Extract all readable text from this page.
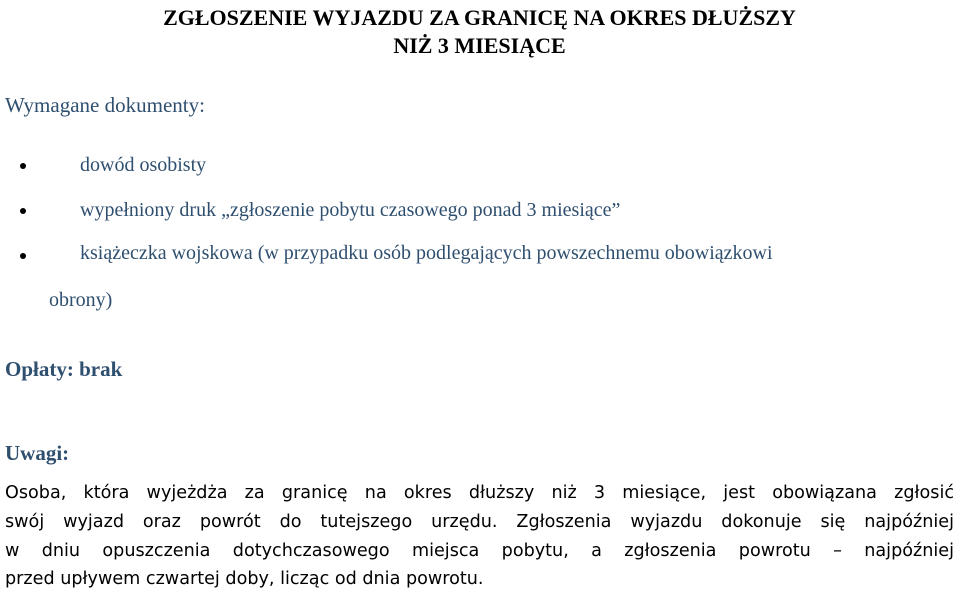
ZGŁOSZENIE WYJAZDU ZA GRANICĘ NA OKRES DŁUŻSZY
NIŻ 3 MIESIĄCE
Wymagane dokumenty:
dowód osobisty
wypełniony druk „zgłoszenie pobytu czasowego ponad 3 miesiące”
książeczka wojskowa (w przypadku osób podlegających powszechnemu obowiązkowi
obrony)
Opłaty: brak
Uwagi:
Osoba, która wyjeżdża za granicę na okres dłuższy niż 3 miesiące, jest obowiązana zgłosić
swój wyjazd oraz powrót do tutejszego urzędu. Zgłoszenia wyjazdu dokonuje się najpóźniej
w dniu opuszczenia dotychczasowego miejsca pobytu, a zgłoszenia powrotu – najpóźniej
przed upływem czwartej doby, licząc od dnia powrotu.
